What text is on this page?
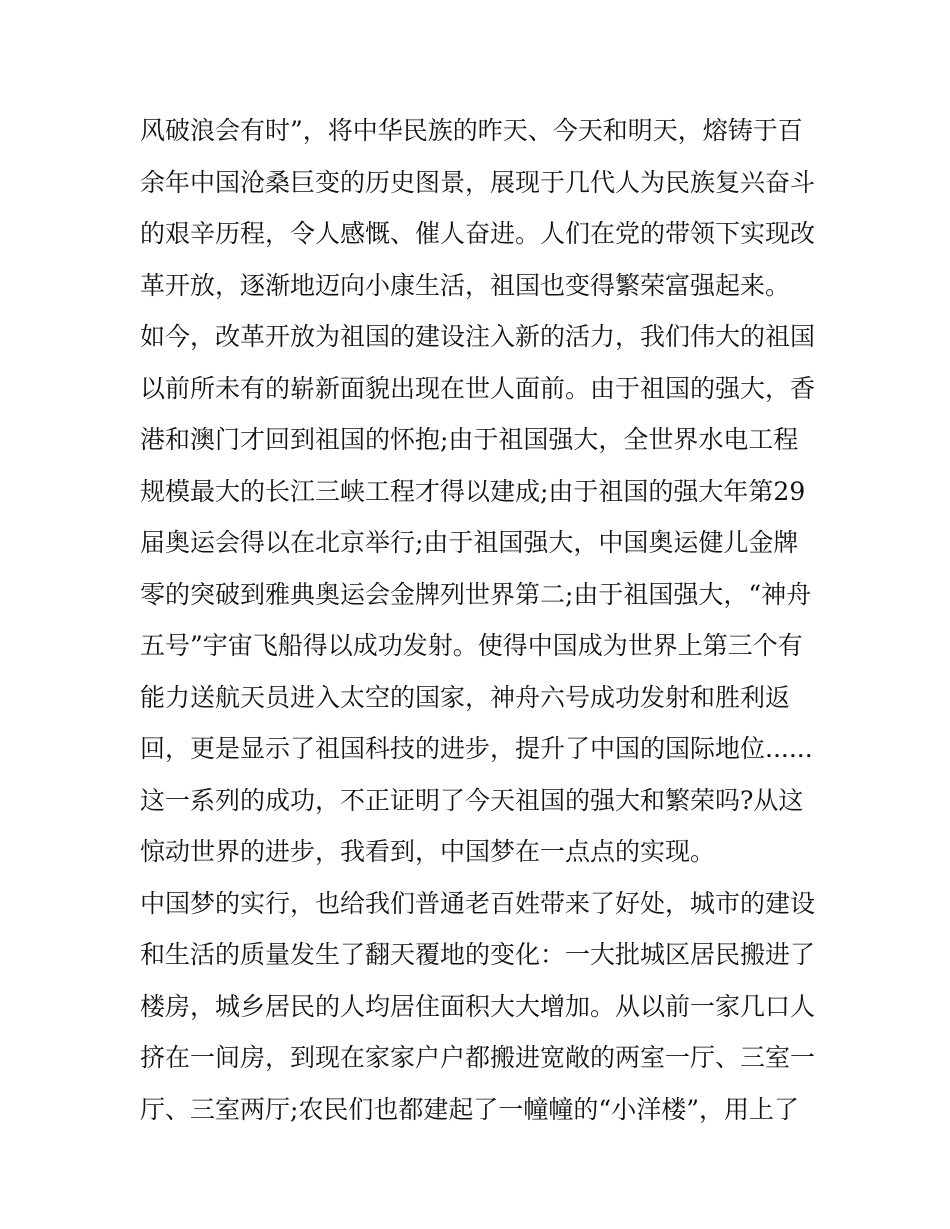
风破浪会有时”，将中华民族的昨天、今天和明天，熔铸于百
余年中国沧桑巨变的历史图景，展现于几代人为民族复兴奋斗
的艰辛历程，令人感慨、催人奋进。人们在党的带领下实现改
革开放，逐渐地迈向小康生活，祖国也变得繁荣富强起来。
如今，改革开放为祖国的建设注入新的活力，我们伟大的祖国
以前所未有的崭新面貌出现在世人面前。由于祖国的强大，香
港和澳门才回到祖国的怀抱;由于祖国强大，全世界水电工程
规模最大的长江三峡工程才得以建成;由于祖国的强大年第29
届奥运会得以在北京举行;由于祖国强大，中国奥运健儿金牌
零的突破到雅典奥运会金牌列世界第二;由于祖国强大，“神舟
五号”宇宙飞船得以成功发射。使得中国成为世界上第三个有
能力送航天员进入太空的国家，神舟六号成功发射和胜利返
回，更是显示了祖国科技的进步，提升了中国的国际地位......
这一系列的成功，不正证明了今天祖国的强大和繁荣吗?从这
惊动世界的进步，我看到，中国梦在一点点的实现。
中国梦的实行，也给我们普通老百姓带来了好处，城市的建设
和生活的质量发生了翻天覆地的变化：一大批城区居民搬进了
楼房，城乡居民的人均居住面积大大增加。从以前一家几口人
挤在一间房，到现在家家户户都搬进宽敞的两室一厅、三室一
厅、三室两厅;农民们也都建起了一幢幢的“小洋楼”，用上了
